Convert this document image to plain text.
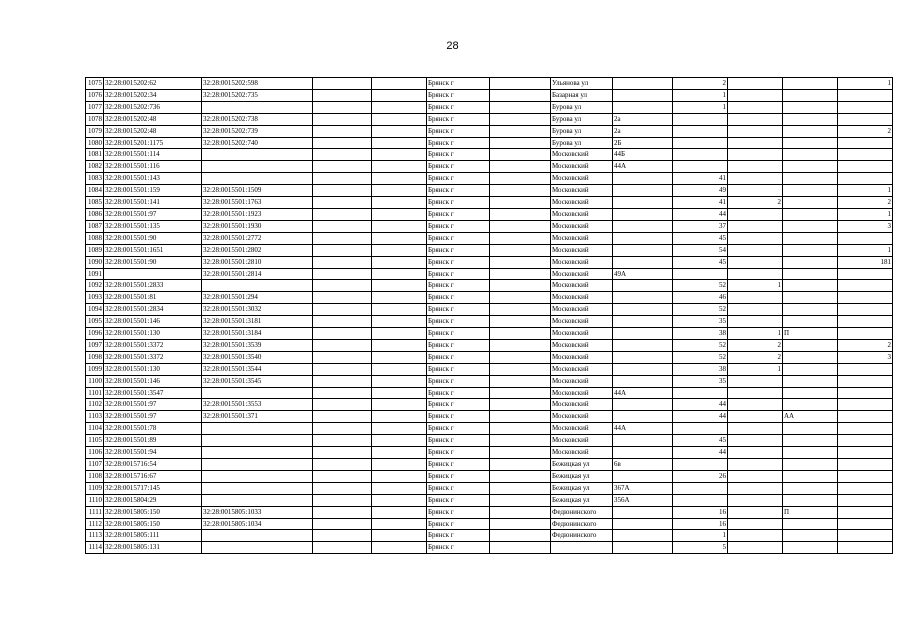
28
1075	32:28:0015202:62	32:28:0015202:598			Брянск г		Ульянова ул		2			1
1076	32:28:0015202:34	32:28:0015202:735			Брянск г		Базарная ул		1			
1077	32:28:0015202:736				Брянск г		Бурова ул		1			
1078	32:28:0015202:48	32:28:0015202:738			Брянск г		Бурова ул	2а				
1079	32:28:0015202:48	32:28:0015202:739			Брянск г		Бурова ул	2а				2
1080	32:28:0015201:1175	32:28:0015202:740			Брянск г		Бурова ул	2Б				
1081	32:28:0015501:114				Брянск г		Московский	44Б				
1082	32:28:0015501:116				Брянск г		Московский	44А				
1083	32:28:0015501:143				Брянск г		Московский		41			
1084	32:28:0015501:159	32:28:0015501:1509			Брянск г		Московский		49			1
1085	32:28:0015501:141	32:28:0015501:1763			Брянск г		Московский		41	2		2
1086	32:28:0015501:97	32:28:0015501:1923			Брянск г		Московский		44			1
1087	32:28:0015501:135	32:28:0015501:1930			Брянск г		Московский		37			3
1088	32:28:0015501:90	32:28:0015501:2772			Брянск г		Московский		45			
1089	32:28:0015501:1651	32:28:0015501:2802			Брянск г		Московский		54			1
1090	32:28:0015501:90	32:28:0015501:2810			Брянск г		Московский		45			181
1091		32:28:0015501:2814			Брянск г		Московский	49А				
1092	32:28:0015501:2833				Брянск г		Московский		52	1		
1093	32:28:0015501:81	32:28:0015501:294			Брянск г		Московский		46			
1094	32:28:0015501:2834	32:28:0015501:3032			Брянск г		Московский		52			
1095	32:28:0015501:146	32:28:0015501:3181			Брянск г		Московский		35			
1096	32:28:0015501:130	32:28:0015501:3184			Брянск г		Московский		38	1	П	
1097	32:28:0015501:3372	32:28:0015501:3539			Брянск г		Московский		52	2		2
1098	32:28:0015501:3372	32:28:0015501:3540			Брянск г		Московский		52	2		3
1099	32:28:0015501:130	32:28:0015501:3544			Брянск г		Московский		38	1		
1100	32:28:0015501:146	32:28:0015501:3545			Брянск г		Московский		35			
1101	32:28:0015501:3547				Брянск г		Московский	44А				
1102	32:28:0015501:97	32:28:0015501:3553			Брянск г		Московский		44			
1103	32:28:0015501:97	32:28:0015501:371			Брянск г		Московский		44		АА	
1104	32:28:0015501:78				Брянск г		Московский	44А				
1105	32:28:0015501:89				Брянск г		Московский		45			
1106	32:28:0015501:94				Брянск г		Московский		44			
1107	32:28:0015716:54				Брянск г		Бежицкая ул	6в				
1108	32:28:0015716:67				Брянск г		Бежицкая ул		26			
1109	32:28:0015717:145				Брянск г		Бежицкая ул	367А				
1110	32:28:0015804:29				Брянск г		Бежицкая ул	356А				
1111	32:28:0015805:150	32:28:0015805:1033			Брянск г		Федюнинского		16		П	
1112	32:28:0015805:150	32:28:0015805:1034			Брянск г		Федюнинского		16			
1113	32:28:0015805:111				Брянск г		Федюнинского		1			
1114	32:28:0015805:131				Брянск г				5			
